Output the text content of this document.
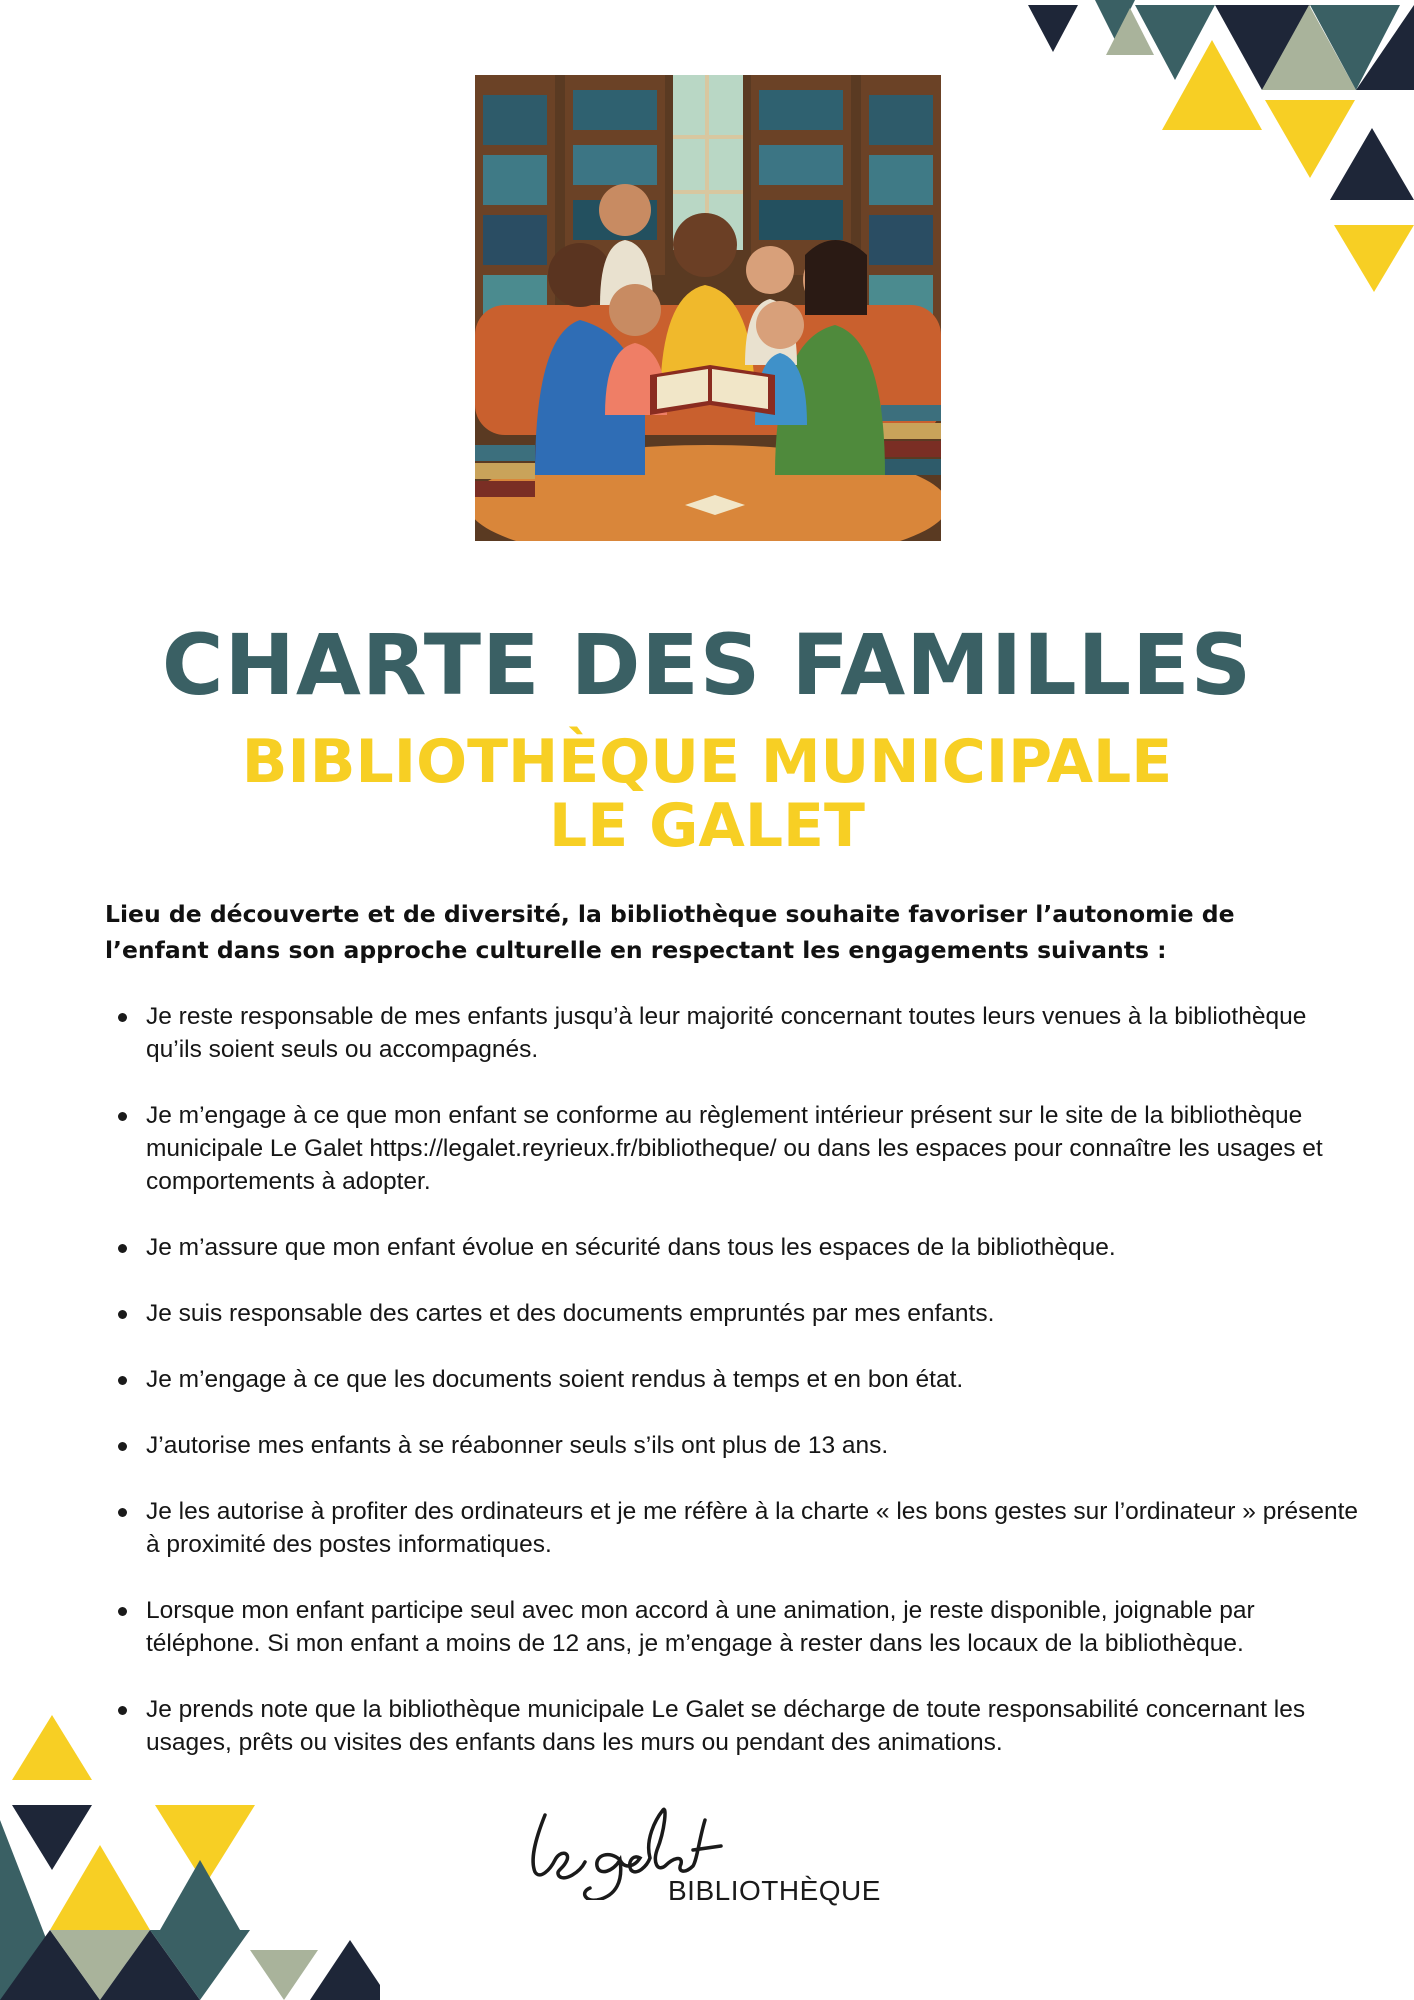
CHARTE DES FAMILLES
BIBLIOTHÈQUE MUNICIPALE
LE GALET

Lieu de découverte et de diversité, la bibliothèque souhaite favoriser l’autonomie de l’enfant dans son approche culturelle en respectant les engagements suivants :

Je reste responsable de mes enfants jusqu’à leur majorité concernant toutes leurs venues à la bibliothèque qu’ils soient seuls ou accompagnés.
Je m’engage à ce que mon enfant se conforme au règlement intérieur présent sur le site de la bibliothèque municipale Le Galet https://legalet.reyrieux.fr/bibliotheque/ ou dans les espaces pour connaître les usages et comportements à adopter.
Je m’assure que mon enfant évolue en sécurité dans tous les espaces de la bibliothèque.
Je suis responsable des cartes et des documents empruntés par mes enfants.
Je m’engage à ce que les documents soient rendus à temps et en bon état.
J’autorise mes enfants à se réabonner seuls s’ils ont plus de 13 ans.
Je les autorise à profiter des ordinateurs et je me réfère à la charte « les bons gestes sur l’ordinateur » présente à proximité des postes informatiques.
Lorsque mon enfant participe seul avec mon accord à une animation, je reste disponible, joignable par téléphone. Si mon enfant a moins de 12 ans, je m’engage à rester dans les locaux de la bibliothèque.
Je prends note que la bibliothèque municipale Le Galet se décharge de toute responsabilité concernant les usages, prêts ou visites des enfants dans les murs ou pendant des animations.
BIBLIOTHÈQUE
